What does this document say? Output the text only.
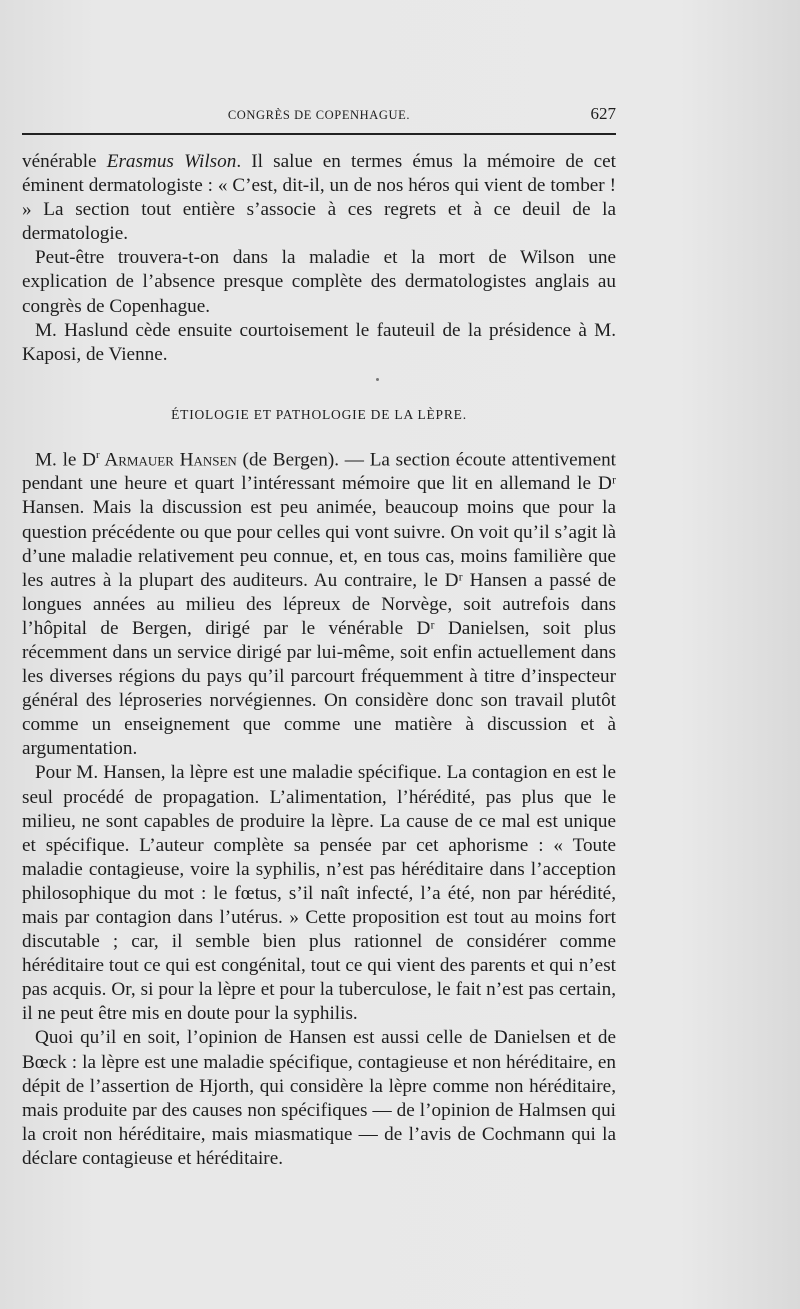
CONGRÈS DE COPENHAGUE.	627

vénérable Erasmus Wilson. Il salue en termes émus la mémoire de cet éminent dermatologiste : « C’est, dit-il, un de nos héros qui vient de tomber ! » La section tout entière s’associe à ces regrets et à ce deuil de la dermatologie.

Peut-être trouvera-t-on dans la maladie et la mort de Wilson une explication de l’absence presque complète des dermatologistes anglais au congrès de Copenhague.

M. Haslund cède ensuite courtoisement le fauteuil de la présidence à M. Kaposi, de Vienne.

ÉTIOLOGIE ET PATHOLOGIE DE LA LÈPRE.

M. le $D^r$ Armauer Hansen (de Bergen). — La section écoute attentivement pendant une heure et quart l’intéressant mémoire que lit en allemand le Dʳ Hansen. Mais la discussion est peu animée, beaucoup moins que pour la question précédente ou que pour celles qui vont suivre. On voit qu’il s’agit là d’une maladie relativement peu connue, et, en tous cas, moins familière que les autres à la plupart des auditeurs. Au contraire, le Dʳ Hansen a passé de longues années au milieu des lépreux de Norvège, soit autrefois dans l’hôpital de Bergen, dirigé par le vénérable Dʳ Danielsen, soit plus récemment dans un service dirigé par lui-même, soit enfin actuellement dans les diverses régions du pays qu’il parcourt fréquemment à titre d’inspecteur général des léproseries norvégiennes. On considère donc son travail plutôt comme un enseignement que comme une matière à discussion et à argumentation.

Pour M. Hansen, la lèpre est une maladie spécifique. La contagion en est le seul procédé de propagation. L’alimentation, l’hérédité, pas plus que le milieu, ne sont capables de produire la lèpre. La cause de ce mal est unique et spécifique. L’auteur complète sa pensée par cet aphorisme : « Toute maladie contagieuse, voire la syphilis, n’est pas héréditaire dans l’acception philosophique du mot : le fœtus, s’il naît infecté, l’a été, non par hérédité, mais par contagion dans l’utérus. » Cette proposition est tout au moins fort discutable ; car, il semble bien plus rationnel de considérer comme héréditaire tout ce qui est congénital, tout ce qui vient des parents et qui n’est pas acquis. Or, si pour la lèpre et pour la tuberculose, le fait n’est pas certain, il ne peut être mis en doute pour la syphilis.

Quoi qu’il en soit, l’opinion de Hansen est aussi celle de Danielsen et de Bœck : la lèpre est une maladie spécifique, contagieuse et non héréditaire, en dépit de l’assertion de Hjorth, qui considère la lèpre comme non héréditaire, mais produite par des causes non spécifiques — de l’opinion de Halmsen qui la croit non héréditaire, mais miasmatique — de l’avis de Cochmann qui la déclare contagieuse et héréditaire.
